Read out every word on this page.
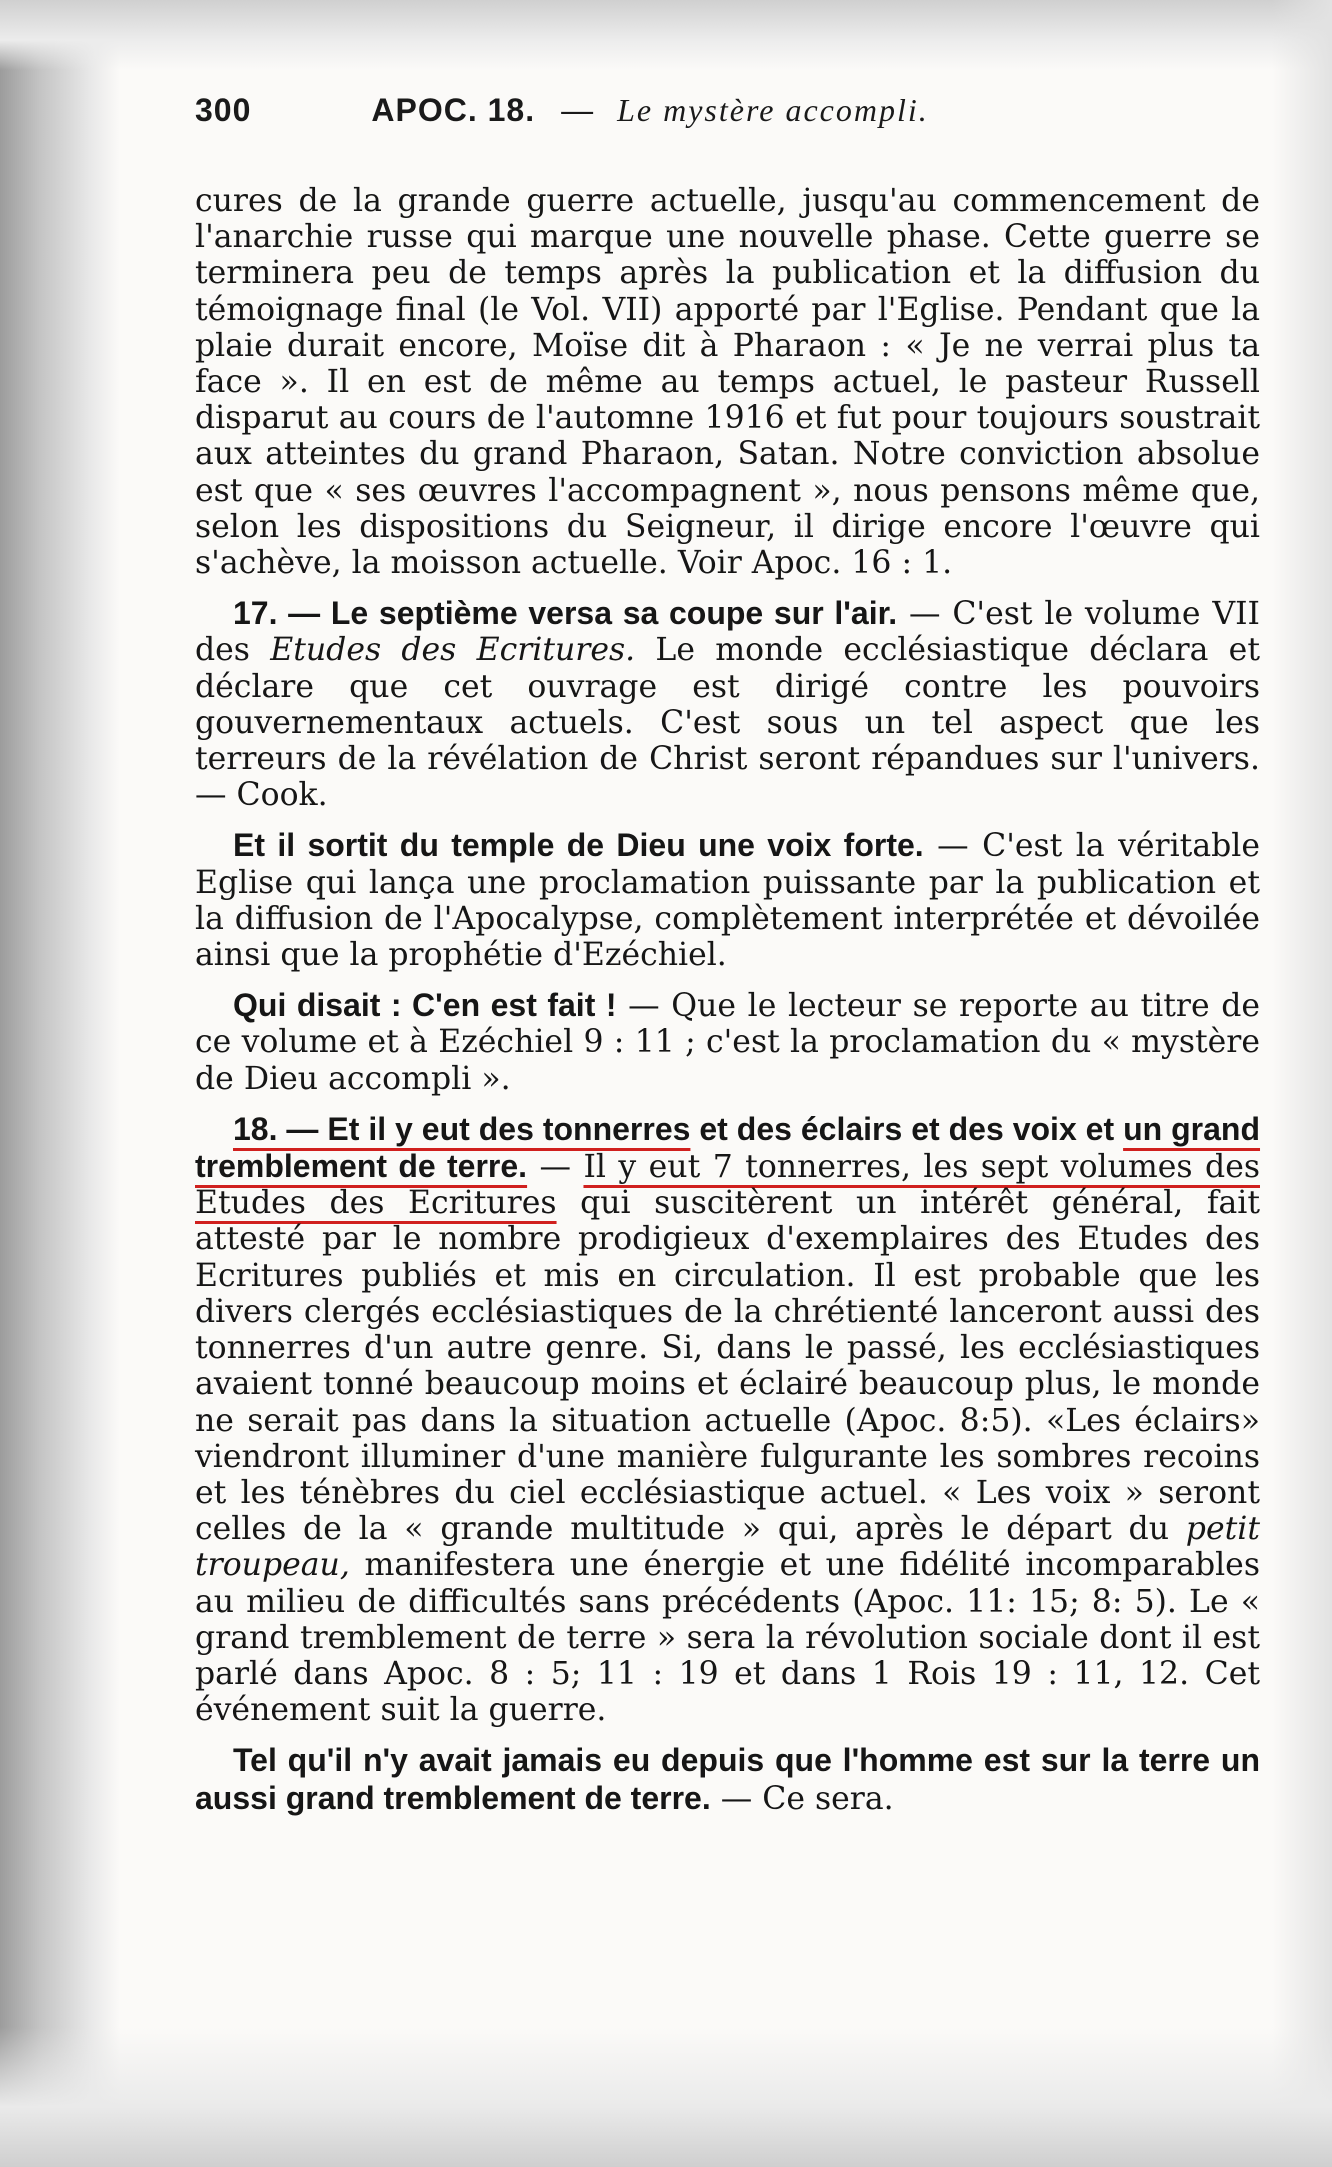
300	APOC. 18. — Le mystère accompli.

cures de la grande guerre actuelle, jusqu'au commencement de l'anarchie russe qui marque une nouvelle phase. Cette guerre se terminera peu de temps après la publication et la diffusion du témoignage final (le Vol. VII) apporté par l'Eglise. Pendant que la plaie durait encore, Moïse dit à Pharaon : « Je ne verrai plus ta face ». Il en est de même au temps actuel, le pasteur Russell disparut au cours de l'automne 1916 et fut pour toujours soustrait aux atteintes du grand Pharaon, Satan. Notre conviction absolue est que « ses œuvres l'accompagnent », nous pensons même que, selon les dispositions du Seigneur, il dirige encore l'œuvre qui s'achève, la moisson actuelle. Voir Apoc. 16 : 1.

17. — Le septième versa sa coupe sur l'air. — C'est le volume VII des Etudes des Ecritures. Le monde ecclésiastique déclara et déclare que cet ouvrage est dirigé contre les pouvoirs gouvernementaux actuels. C'est sous un tel aspect que les terreurs de la révélation de Christ seront répandues sur l'univers. — Cook.

Et il sortit du temple de Dieu une voix forte. — C'est la véritable Eglise qui lança une proclamation puissante par la publication et la diffusion de l'Apocalypse, complètement interprétée et dévoilée ainsi que la prophétie d'Ezéchiel.

Qui disait : C'en est fait ! — Que le lecteur se reporte au titre de ce volume et à Ezéchiel 9 : 11 ; c'est la proclamation du « mystère de Dieu accompli ».

18. — Et il y eut des tonnerres et des éclairs et des voix et un grand tremblement de terre. — Il y eut 7 tonnerres, les sept volumes des Etudes des Ecritures qui suscitèrent un intérêt général, fait attesté par le nombre prodigieux d'exemplaires des Etudes des Ecritures publiés et mis en circulation. Il est probable que les divers clergés ecclésiastiques de la chrétienté lanceront aussi des tonnerres d'un autre genre. Si, dans le passé, les ecclésiastiques avaient tonné beaucoup moins et éclairé beaucoup plus, le monde ne serait pas dans la situation actuelle (Apoc. 8:5). «Les éclairs» viendront illuminer d'une manière fulgurante les sombres recoins et les ténèbres du ciel ecclésiastique actuel. « Les voix » seront celles de la « grande multitude » qui, après le départ du petit troupeau, manifestera une énergie et une fidélité incomparables au milieu de difficultés sans précédents (Apoc. 11: 15; 8: 5). Le « grand tremblement de terre » sera la révolution sociale dont il est parlé dans Apoc. 8 : 5; 11 : 19 et dans 1 Rois 19 : 11, 12. Cet événement suit la guerre.

Tel qu'il n'y avait jamais eu depuis que l'homme est sur la terre un aussi grand tremblement de terre. — Ce sera.
